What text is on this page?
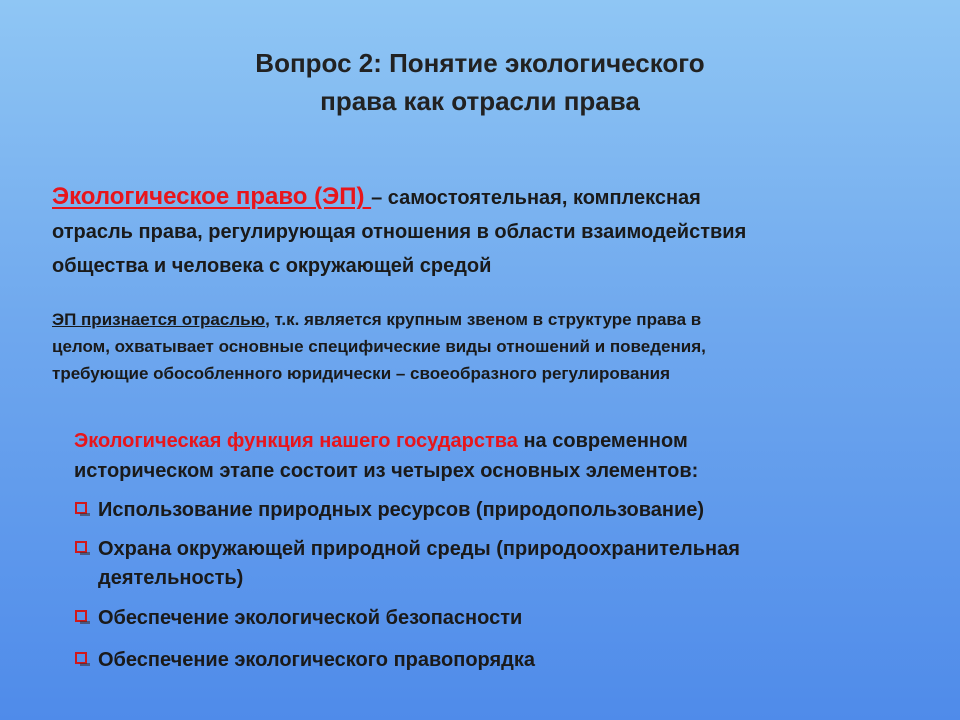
Вопрос 2: Понятие экологического
права как отрасли права
Экологическое право (ЭП) – самостоятельная, комплексная
отрасль права, регулирующая отношения в области взаимодействия
общества и человека с окружающей средой
ЭП признается отраслью, т.к. является крупным звеном в структуре права в
целом, охватывает основные специфические виды отношений и поведения,
требующие обособленного юридически – своеобразного регулирования
Экологическая функция нашего государства на современном
историческом этапе состоит из четырех основных элементов:
Использование природных ресурсов (природопользование)
Охрана окружающей природной среды (природоохранительная
деятельность)
Обеспечение экологической безопасности
Обеспечение экологического правопорядка
